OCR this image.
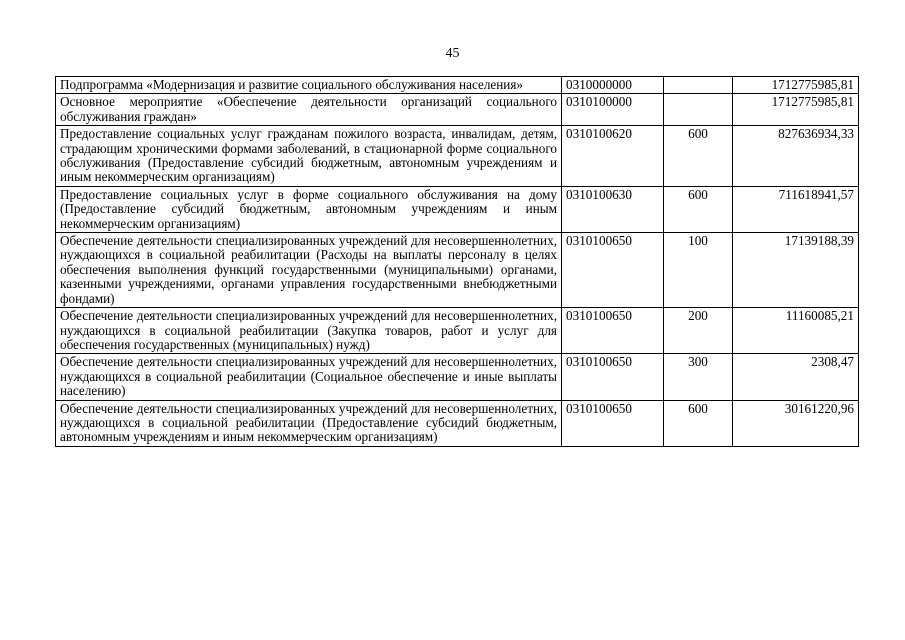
45
Подпрограмма «Модернизация и развитие социального обслуживания населения»	0310000000		1712775985,81
Основное мероприятие «Обеспечение деятельности организаций социального обслуживания граждан»	0310100000		1712775985,81
Предоставление социальных услуг гражданам пожилого возраста, инвалидам, детям, страдающим хроническими формами заболеваний, в стационарной форме социального обслуживания (Предоставление субсидий бюджетным, автономным учреждениям и иным некоммерческим организациям)	0310100620	600	827636934,33
Предоставление социальных услуг в форме социального обслуживания на дому (Предоставление субсидий бюджетным, автономным учреждениям и иным некоммерческим организациям)	0310100630	600	711618941,57
Обеспечение деятельности специализированных учреждений для несовершеннолетних, нуждающихся в социальной реабилитации (Расходы на выплаты персоналу в целях обеспечения выполнения функций государственными (муниципальными) органами, казенными учреждениями, органами управления государственными внебюджетными фондами)	0310100650	100	17139188,39
Обеспечение деятельности специализированных учреждений для несовершеннолетних, нуждающихся в социальной реабилитации (Закупка товаров, работ и услуг для обеспечения государственных (муниципальных) нужд)	0310100650	200	11160085,21
Обеспечение деятельности специализированных учреждений для несовершеннолетних, нуждающихся в социальной реабилитации (Социальное обеспечение и иные выплаты населению)	0310100650	300	2308,47
Обеспечение деятельности специализированных учреждений для несовершеннолетних, нуждающихся в социальной реабилитации (Предоставление субсидий бюджетным, автономным учреждениям и иным некоммерческим организациям)	0310100650	600	30161220,96
